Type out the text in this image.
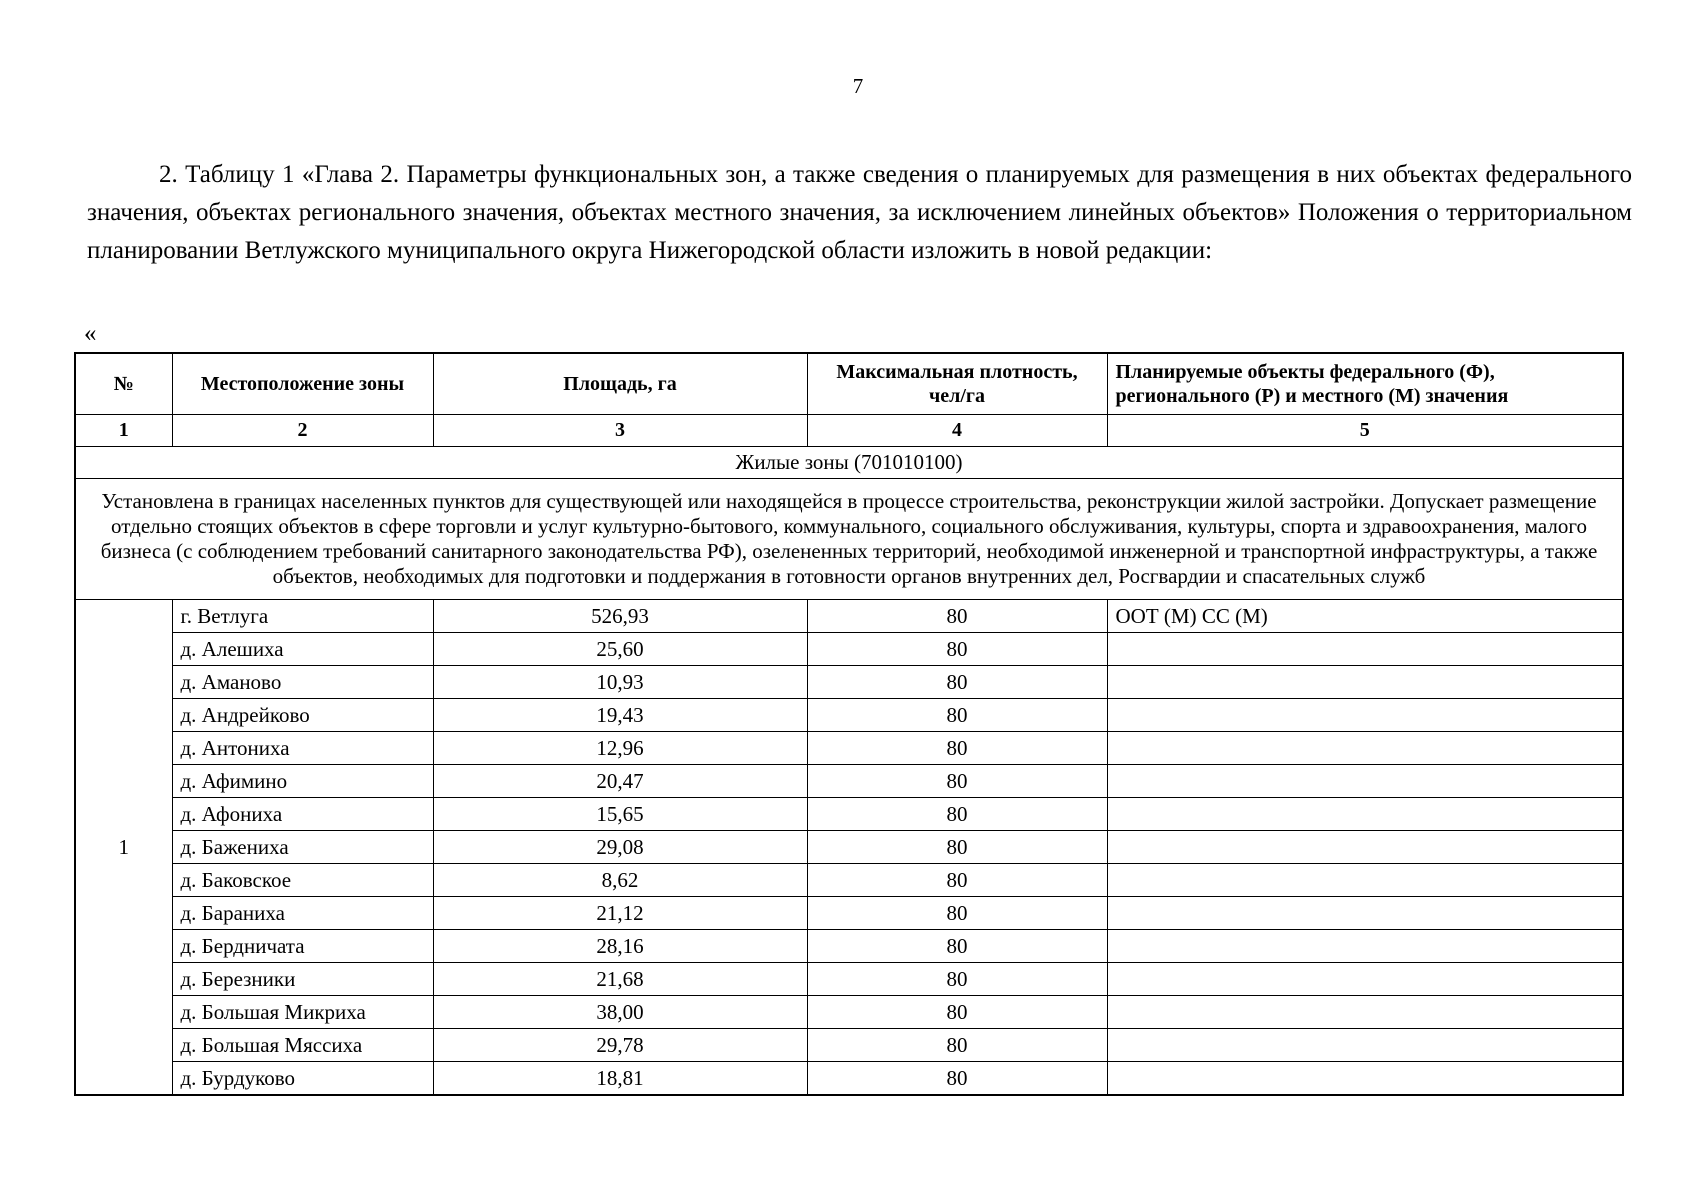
7

2. Таблицу 1 «Глава 2. Параметры функциональных зон, а также сведения о планируемых для размещения в них объектах федерального значения, объектах регионального значения, объектах местного значения, за исключением линейных объектов» Положения о территориальном планировании Ветлужского муниципального округа Нижегородской области изложить в новой редакции:

«
№	Местоположение зоны	Площадь, га	Максимальная плотность, чел/га	Планируемые объекты федерального (Ф), регионального (Р) и местного (М) значения
1	2	3	4	5
Жилые зоны (701010100)				
Установлена в границах населенных пунктов для существующей или находящейся в процессе строительства, реконструкции жилой застройки. Допускает размещение отдельно стоящих объектов в сфере торговли и услуг культурно-бытового, коммунального, социального обслуживания, культуры, спорта и здравоохранения, малого бизнеса (с соблюдением требований санитарного законодательства РФ), озелененных территорий, необходимой инженерной и транспортной инфраструктуры, а также объектов, необходимых для подготовки и поддержания в готовности органов внутренних дел, Росгвардии и спасательных служб				
1	г. Ветлуга	526,93	80	ООТ (М) СС (М)
	д. Алешиха	25,60	80	
	д. Аманово	10,93	80	
	д. Андрейково	19,43	80	
	д. Антониха	12,96	80	
	д. Афимино	20,47	80	
	д. Афониха	15,65	80	
	д. Бажениха	29,08	80	
	д. Баковское	8,62	80	
	д. Бараниха	21,12	80	
	д. Бердничата	28,16	80	
	д. Березники	21,68	80	
	д. Большая Микриха	38,00	80	
	д. Большая Мяссиха	29,78	80	
	д. Бурдуково	18,81	80	
